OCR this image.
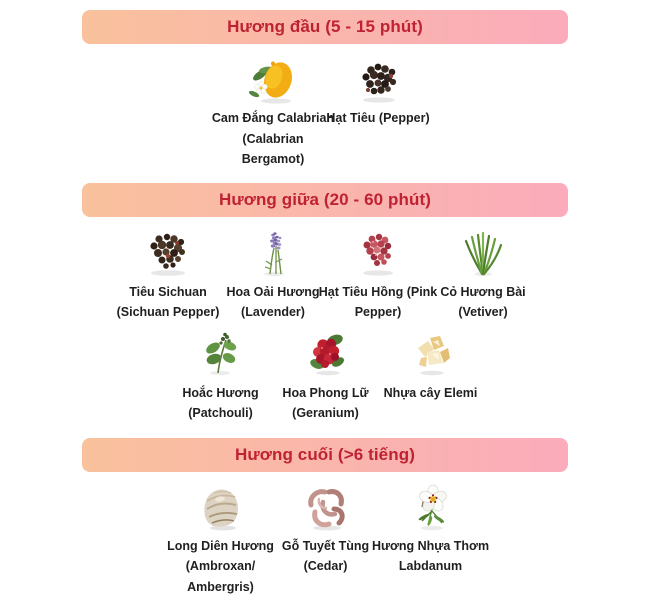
Hương đầu (5 - 15 phút)
Cam Đắng Calabrian (Calabrian Bergamot)
Hạt Tiêu (Pepper)
Hương giữa (20 - 60 phút)
Tiêu Sichuan (Sichuan Pepper)
Hoa Oải Hương (Lavender)
Hạt Tiêu Hồng (Pink Pepper)
Cỏ Hương Bài (Vetiver)
Hoắc Hương (Patchouli)
Hoa Phong Lữ (Geranium)
Nhựa cây Elemi
Hương cuối (>6 tiếng)
Long Diên Hương (Ambroxan/ Ambergris)
Gỗ Tuyết Tùng (Cedar)
Hương Nhựa Thơm Labdanum
